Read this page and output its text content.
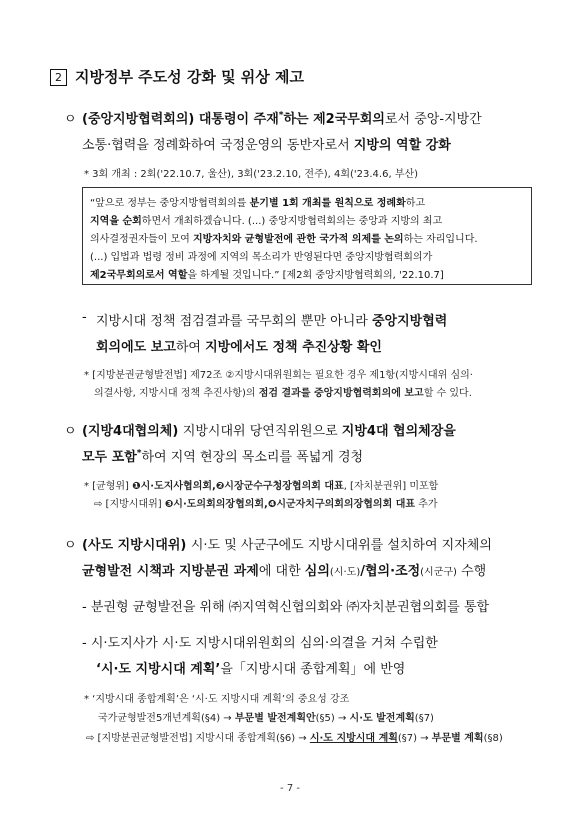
2 지방정부 주도성 강화 및 위상 제고
ㅇ (중앙지방협력회의) 대통령이 주재*하는 제2국무회의로서 중앙-지방간
소통·협력을 정례화하여 국정운영의 동반자로서 지방의 역할 강화
* 3회 개최 : 2회('22.10.7, 울산), 3회('23.2.10, 전주), 4회('23.4.6, 부산)
“앞으로 정부는 중앙지방협력회의를 분기별 1회 개최를 원칙으로 정례화하고
지역을 순회하면서 개최하겠습니다. (...) 중앙지방협력회의는 중앙과 지방의 최고
의사결정권자들이 모여 지방자치와 균형발전에 관한 국가적 의제를 논의하는 자리입니다.
(...) 입법과 법령 정비 과정에 지역의 목소리가 반영된다면 중앙지방협력회의가
제2국무회의로서 역할을 하게될 것입니다.” [제2회 중앙지방협력회의, '22.10.7]
- 지방시대 정책 점검결과를 국무회의 뿐만 아니라 중앙지방협력
회의에도 보고하여 지방에서도 정책 추진상황 확인
* [지방분권균형발전법] 제72조 ②지방시대위원회는 필요한 경우 제1항(지방시대위 심의·
의결사항, 지방시대 정책 추진사항)의 점검 결과를 중앙지방협력회의에 보고할 수 있다.
ㅇ (지방4대협의체) 지방시대위 당연직위원으로 지방4대 협의체장을
모두 포함*하여 지역 현장의 목소리를 폭넓게 경청
* [균형위] ❶시·도지사협의회,❷시장군수구청장협의회 대표, [자치분권위] 미포함
⇨ [지방시대위] ❸시·도의회의장협의회,❹시군자치구의회의장협의회 대표 추가
ㅇ (사도 지방시대위) 시·도 및 사군구에도 지방시대위를 설치하여 지자체의
균형발전 시책과 지방분권 과제에 대한 심의(시·도)/협의·조정(시군구) 수행
- 분권형 균형발전을 위해 ㈜지역혁신협의회와 ㈜자치분권협의회를 통합
- 시·도지사가 시·도 지방시대위원회의 심의·의결을 거쳐 수립한
‘시·도 지방시대 계획’을「지방시대 종합계획」에 반영
* ‘지방시대 종합계획’은 ‘시·도 지방시대 계획’의 중요성 강조
국가균형발전5개년계획(§4) → 부문별 발전계획안(§5) → 시·도 발전계획(§7)
⇨ [지방분권균형발전법] 지방시대 종합계획(§6) → 시·도 지방시대 계획(§7) → 부문별 계획(§8)
- 7 -
